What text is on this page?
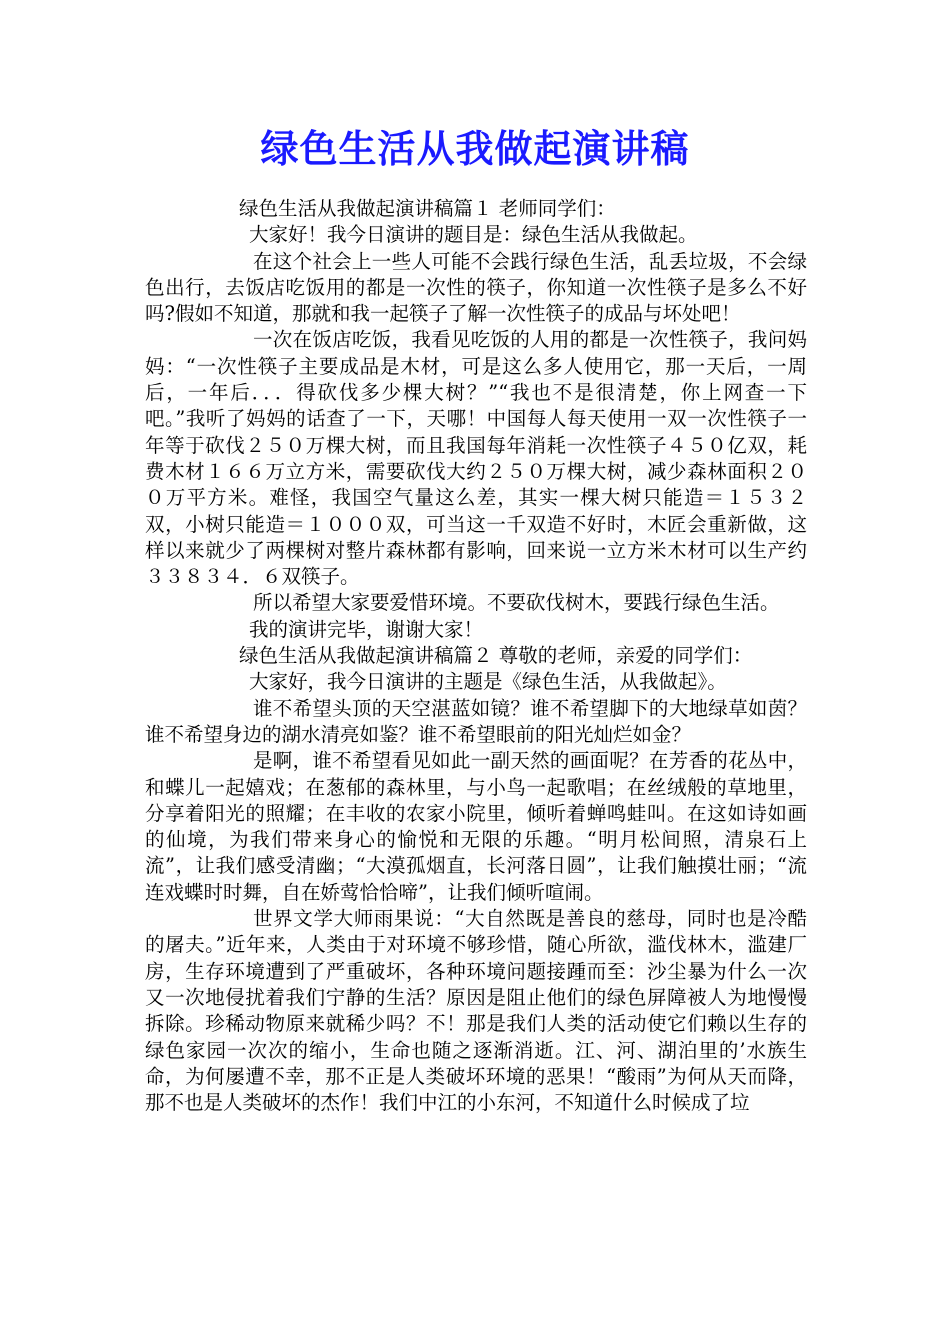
绿色生活从我做起演讲稿

绿色生活从我做起演讲稿篇１ 老师同学们：

大家好！我今日演讲的题目是：绿色生活从我做起。

在这个社会上一些人可能不会践行绿色生活，乱丢垃圾，不会绿色出行，去饭店吃饭用的都是一次性的筷子，你知道一次性筷子是多么不好吗?假如不知道，那就和我一起筷子了解一次性筷子的成品与坏处吧！

一次在饭店吃饭，我看见吃饭的人用的都是一次性筷子，我问妈妈：“一次性筷子主要成品是木材，可是这么多人使用它，那一天后，一周后，一年后．．．得砍伐多少棵大树？”“我也不是很清楚，你上网查一下吧。”我听了妈妈的话查了一下，天哪！中国每人每天使用一双一次性筷子一年等于砍伐２５０万棵大树，而且我国每年消耗一次性筷子４５０亿双，耗费木材１６６万立方米，需要砍伐大约２５０万棵大树，减少森林面积２００万平方米。难怪，我国空气量这么差，其实一棵大树只能造＝１５３２双，小树只能造＝１０００双，可当这一千双造不好时，木匠会重新做，这样以来就少了两棵树对整片森林都有影响，回来说一立方米木材可以生产约３３８３４．６双筷子。

所以希望大家要爱惜环境。不要砍伐树木，要践行绿色生活。

我的演讲完毕，谢谢大家！

绿色生活从我做起演讲稿篇２ 尊敬的老师，亲爱的同学们：

大家好，我今日演讲的主题是《绿色生活，从我做起》。

谁不希望头顶的天空湛蓝如镜？谁不希望脚下的大地绿草如茵？谁不希望身边的湖水清亮如鉴？谁不希望眼前的阳光灿烂如金？

是啊，谁不希望看见如此一副天然的画面呢？在芳香的花丛中，和蝶儿一起嬉戏；在葱郁的森林里，与小鸟一起歌唱；在丝绒般的草地里，分享着阳光的照耀；在丰收的农家小院里，倾听着蝉鸣蛙叫。在这如诗如画的仙境，为我们带来身心的愉悦和无限的乐趣。“明月松间照，清泉石上流”，让我们感受清幽；“大漠孤烟直，长河落日圆”，让我们触摸壮丽；“流连戏蝶时时舞，自在娇莺恰恰啼”，让我们倾听喧闹。

世界文学大师雨果说：“大自然既是善良的慈母，同时也是冷酷的屠夫。”近年来，人类由于对环境不够珍惜，随心所欲，滥伐林木，滥建厂房，生存环境遭到了严重破坏，各种环境问题接踵而至：沙尘暴为什么一次又一次地侵扰着我们宁静的生活？原因是阻止他们的绿色屏障被人为地慢慢拆除。珍稀动物原来就稀少吗？不！那是我们人类的活动使它们赖以生存的绿色家园一次次的缩小，生命也随之逐渐消逝。江、河、湖泊里的’水族生命，为何屡遭不幸，那不正是人类破坏环境的恶果！“酸雨”为何从天而降，那不也是人类破坏的杰作！我们中江的小东河，不知道什么时候成了垃
